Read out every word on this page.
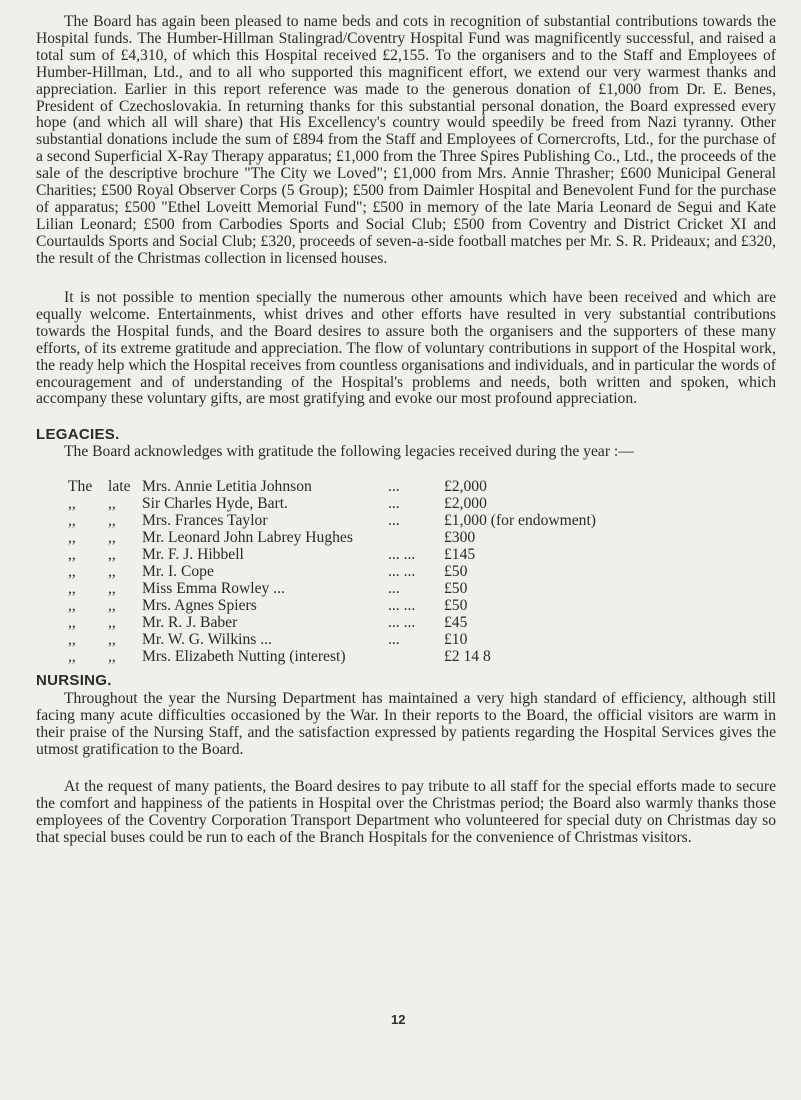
The Board has again been pleased to name beds and cots in recognition of substantial contributions towards the Hospital funds. The Humber-Hillman Stalingrad/Coventry Hospital Fund was magnificently successful, and raised a total sum of £4,310, of which this Hospital received £2,155. To the organisers and to the Staff and Employees of Humber-Hillman, Ltd., and to all who supported this magnificent effort, we extend our very warmest thanks and appreciation. Earlier in this report reference was made to the generous donation of £1,000 from Dr. E. Benes, President of Czechoslovakia. In returning thanks for this substantial personal donation, the Board expressed every hope (and which all will share) that His Excellency's country would speedily be freed from Nazi tyranny. Other substantial donations include the sum of £894 from the Staff and Employees of Cornercrofts, Ltd., for the purchase of a second Superficial X-Ray Therapy apparatus; £1,000 from the Three Spires Publishing Co., Ltd., the proceeds of the sale of the descriptive brochure "The City we Loved"; £1,000 from Mrs. Annie Thrasher; £600 Municipal General Charities; £500 Royal Observer Corps (5 Group); £500 from Daimler Hospital and Benevolent Fund for the purchase of apparatus; £500 "Ethel Loveitt Memorial Fund"; £500 in memory of the late Maria Leonard de Segui and Kate Lilian Leonard; £500 from Carbodies Sports and Social Club; £500 from Coventry and District Cricket XI and Courtaulds Sports and Social Club; £320, proceeds of seven-a-side football matches per Mr. S. R. Prideaux; and £320, the result of the Christmas collection in licensed houses.

It is not possible to mention specially the numerous other amounts which have been received and which are equally welcome. Entertainments, whist drives and other efforts have resulted in very substantial contributions towards the Hospital funds, and the Board desires to assure both the organisers and the supporters of these many efforts, of its extreme gratitude and appreciation. The flow of voluntary contributions in support of the Hospital work, the ready help which the Hospital receives from countless organisations and individuals, and in particular the words of encouragement and of understanding of the Hospital's problems and needs, both written and spoken, which accompany these voluntary gifts, are most gratifying and evoke our most profound appreciation.

LEGACIES.

The Board acknowledges with gratitude the following legacies received during the year :—

The	late	Mrs. Annie Letitia Johnson	...	£2,000
,,	,,	Sir Charles Hyde, Bart.	...	£2,000
,,	,,	Mrs. Frances Taylor	...	£1,000 (for endowment)
,,	,,	Mr. Leonard John Labrey Hughes		£300
,,	,,	Mr. F. J. Hibbell	... ...	£145
,,	,,	Mr. I. Cope	... ...	£50
,,	,,	Miss Emma Rowley ...	...	£50
,,	,,	Mrs. Agnes Spiers	... ...	£50
,,	,,	Mr. R. J. Baber	... ...	£45
,,	,,	Mr. W. G. Wilkins ...	...	£10
,,	,,	Mrs. Elizabeth Nutting (interest)		£2 14 8
NURSING.

Throughout the year the Nursing Department has maintained a very high standard of efficiency, although still facing many acute difficulties occasioned by the War. In their reports to the Board, the official visitors are warm in their praise of the Nursing Staff, and the satisfaction expressed by patients regarding the Hospital Services gives the utmost gratification to the Board.

At the request of many patients, the Board desires to pay tribute to all staff for the special efforts made to secure the comfort and happiness of the patients in Hospital over the Christmas period; the Board also warmly thanks those employees of the Coventry Corporation Transport Department who volunteered for special duty on Christmas day so that special buses could be run to each of the Branch Hospitals for the convenience of Christmas visitors.

12
